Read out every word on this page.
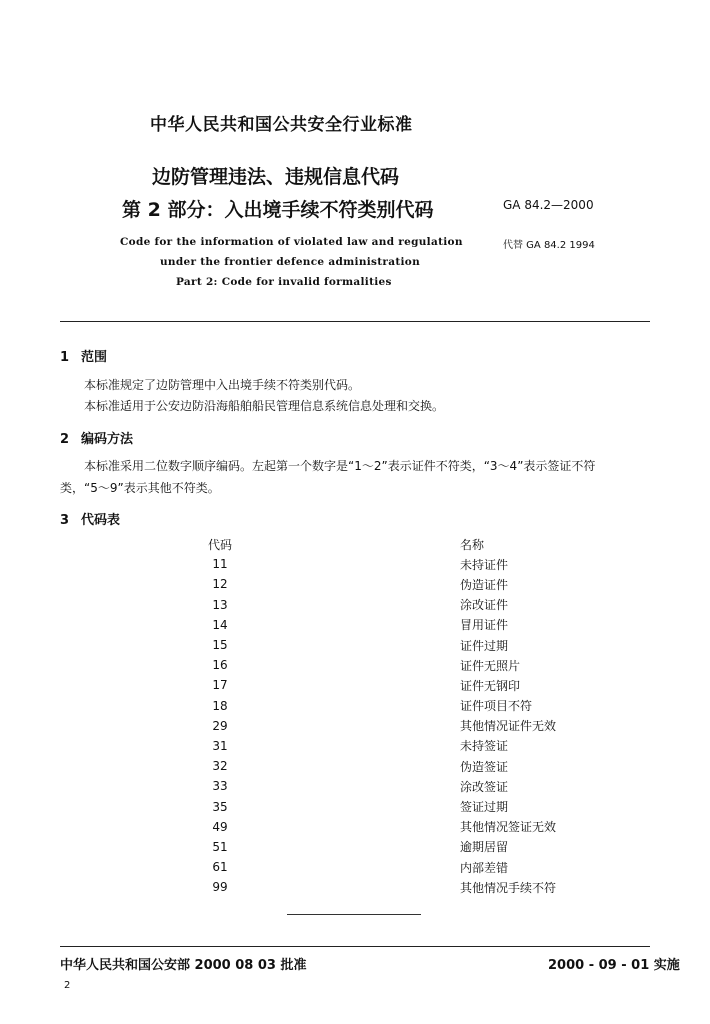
中华人民共和国公共安全行业标准
边防管理违法、违规信息代码
第 2 部分：入出境手续不符类别代码	GA 84.2—2000
Code for the information of violated law and regulation
under the frontier defence administration
Part 2: Code for invalid formalities
代替 GA 84.2 1994
1 范围
本标准规定了边防管理中入出境手续不符类别代码。
本标准适用于公安边防沿海船舶船民管理信息系统信息处理和交换。
2 编码方法
本标准采用二位数字顺序编码。左起第一个数字是“1～2”表示证件不符类，“3～4”表示签证不符
类，“5～9”表示其他不符类。
3 代码表
代码		名称
11		未持证件
12		伪造证件
13		涂改证件
14		冒用证件
15		证件过期
16		证件无照片
17		证件无钢印
18		证件项目不符
29		其他情况证件无效
31		未持签证
32		伪造签证
33		涂改签证
35		签证过期
49		其他情况签证无效
51		逾期居留
61		内部差错
99		其他情况手续不符
中华人民共和国公安部 2000 08 03 批准	2000 - 09 - 01 实施
2
